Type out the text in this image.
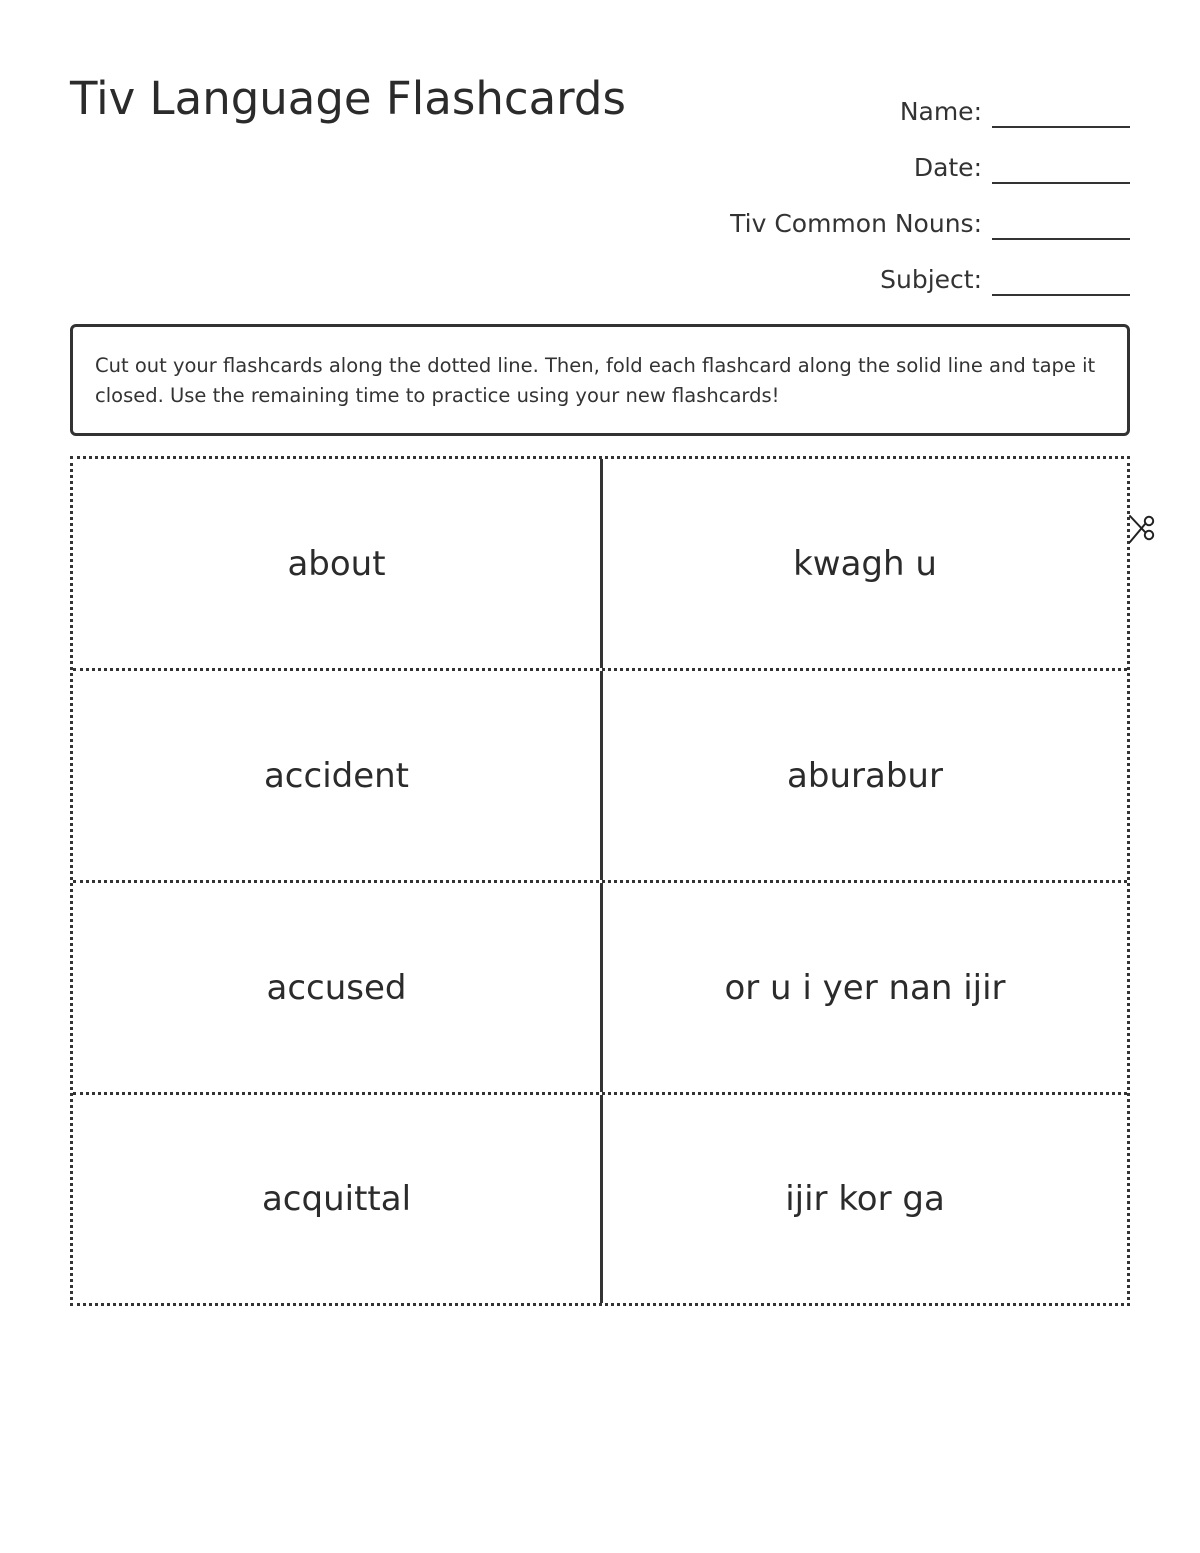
Tiv Language Flashcards	Name:
Date:
Tiv Common Nouns:
Subject:
Cut out your flashcards along the dotted line. Then, fold each flashcard along the solid line and tape it closed. Use the remaining time to practice using your new flashcards!
about	kwagh u
accident	aburabur
accused	or u i yer nan ijir
acquittal	ijir kor ga
